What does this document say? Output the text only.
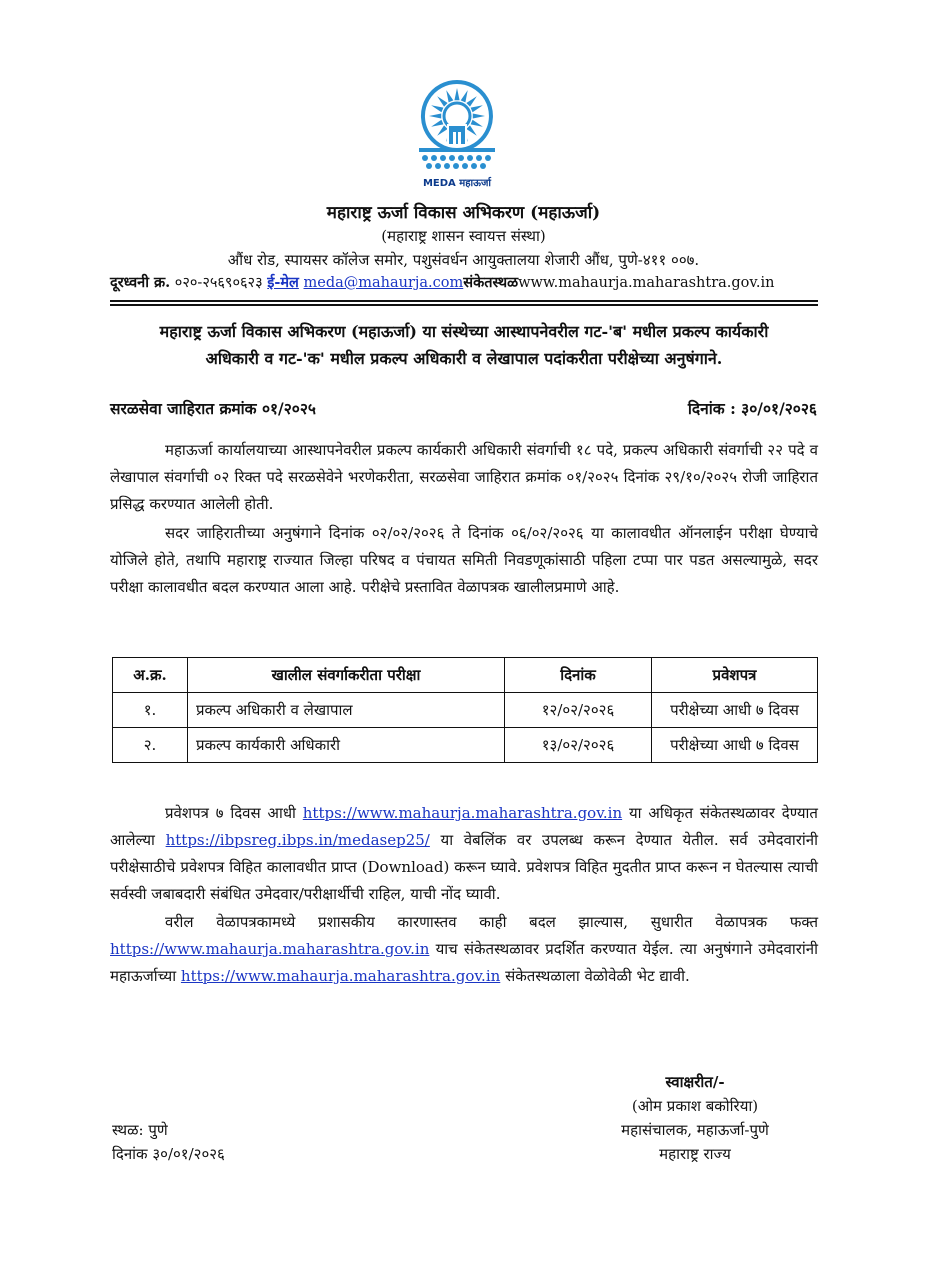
MEDA महाऊर्जा
महाराष्ट्र ऊर्जा विकास अभिकरण (महाऊर्जा)
(महाराष्ट्र शासन स्वायत्त संस्था)
औंध रोड, स्पायसर कॉलेज समोर, पशुसंवर्धन आयुक्तालया शेजारी औंध, पुणे-४११ ००७.
दूरध्वनी क्र. ०२०-२५६९०६२३ ई-मेल meda@mahaurja.comसंकेतस्थळwww.mahaurja.maharashtra.gov.in
महाराष्ट्र ऊर्जा विकास अभिकरण (महाऊर्जा) या संस्थेच्या आस्थापनेवरील गट-'ब' मधील प्रकल्प कार्यकारी
अधिकारी व गट-'क' मधील प्रकल्प अधिकारी व लेखापाल पदांकरीता परीक्षेच्या अनुषंगाने.
सरळसेवा जाहिरात क्रमांक ०१/२०२५	दिनांक : ३०/०१/२०२६
महाऊर्जा कार्यालयाच्या आस्थापनेवरील प्रकल्प कार्यकारी अधिकारी संवर्गाची १८ पदे, प्रकल्प अधिकारी संवर्गाची २२ पदे व लेखापाल संवर्गाची ०२ रिक्त पदे सरळसेवेने भरणेकरीता, सरळसेवा जाहिरात क्रमांक ०१/२०२५ दिनांक २९/१०/२०२५ रोजी जाहिरात प्रसिद्ध करण्यात आलेली होती.
सदर जाहिरातीच्या अनुषंगाने दिनांक ०२/०२/२०२६ ते दिनांक ०६/०२/२०२६ या कालावधीत ऑनलाईन परीक्षा घेण्याचे योजिले होते, तथापि महाराष्ट्र राज्यात जिल्हा परिषद व पंचायत समिती निवडणूकांसाठी पहिला टप्पा पार पडत असल्यामुळे, सदर परीक्षा कालावधीत बदल करण्यात आला आहे. परीक्षेचे प्रस्तावित वेळापत्रक खालीलप्रमाणे आहे.
अ.क्र.	खालील संवर्गाकरीता परीक्षा	दिनांक	प्रवेशपत्र
१.	प्रकल्प अधिकारी व लेखापाल	१२/०२/२०२६	परीक्षेच्या आधी ७ दिवस
२.	प्रकल्प कार्यकारी अधिकारी	१३/०२/२०२६	परीक्षेच्या आधी ७ दिवस
प्रवेशपत्र ७ दिवस आधी https://www.mahaurja.maharashtra.gov.in या अधिकृत संकेतस्थळावर देण्यात आलेल्या https://ibpsreg.ibps.in/medasep25/ या वेबलिंक वर उपलब्ध करून देण्यात येतील. सर्व उमेदवारांनी परीक्षेसाठीचे प्रवेशपत्र विहित कालावधीत प्राप्त (Download) करून घ्यावे. प्रवेशपत्र विहित मुदतीत प्राप्त करून न घेतल्यास त्याची सर्वस्वी जबाबदारी संबंधित उमेदवार/परीक्षार्थीची राहिल, याची नोंद घ्यावी.
वरील वेळापत्रकामध्ये प्रशासकीय कारणास्तव काही बदल झाल्यास, सुधारीत वेळापत्रक फक्त https://www.mahaurja.maharashtra.gov.in याच संकेतस्थळावर प्रदर्शित करण्यात येईल. त्या अनुषंगाने उमेदवारांनी महाऊर्जाच्या https://www.mahaurja.maharashtra.gov.in संकेतस्थळाला वेळोवेळी भेट द्यावी.
स्वाक्षरीत/-
(ओम प्रकाश बकोरिया)
महासंचालक, महाऊर्जा-पुणे
महाराष्ट्र राज्य
स्थळ: पुणे
दिनांक ३०/०१/२०२६
